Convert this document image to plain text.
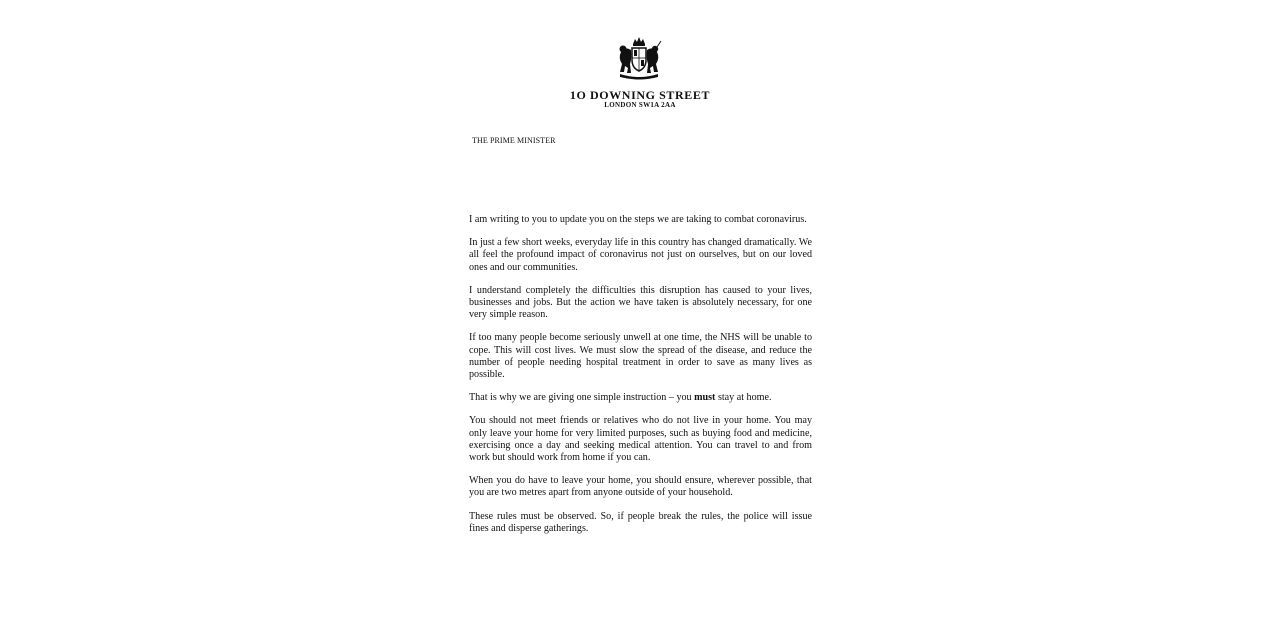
1O DOWNING STREET
LONDON SW1A 2AA
THE PRIME MINISTER

I am writing to you to update you on the steps we are taking to combat coronavirus.

In just a few short weeks, everyday life in this country has changed dramatically. We all feel the profound impact of coronavirus not just on ourselves, but on our loved ones and our communities.

I understand completely the difficulties this disruption has caused to your lives, businesses and jobs. But the action we have taken is absolutely necessary, for one very simple reason.

If too many people become seriously unwell at one time, the NHS will be unable to cope. This will cost lives. We must slow the spread of the disease, and reduce the number of people needing hospital treatment in order to save as many lives as possible.

That is why we are giving one simple instruction – you must stay at home.

You should not meet friends or relatives who do not live in your home. You may only leave your home for very limited purposes, such as buying food and medicine, exercising once a day and seeking medical attention. You can travel to and from work but should work from home if you can.

When you do have to leave your home, you should ensure, wherever possible, that you are two metres apart from anyone outside of your household.

These rules must be observed. So, if people break the rules, the police will issue fines and disperse gatherings.
